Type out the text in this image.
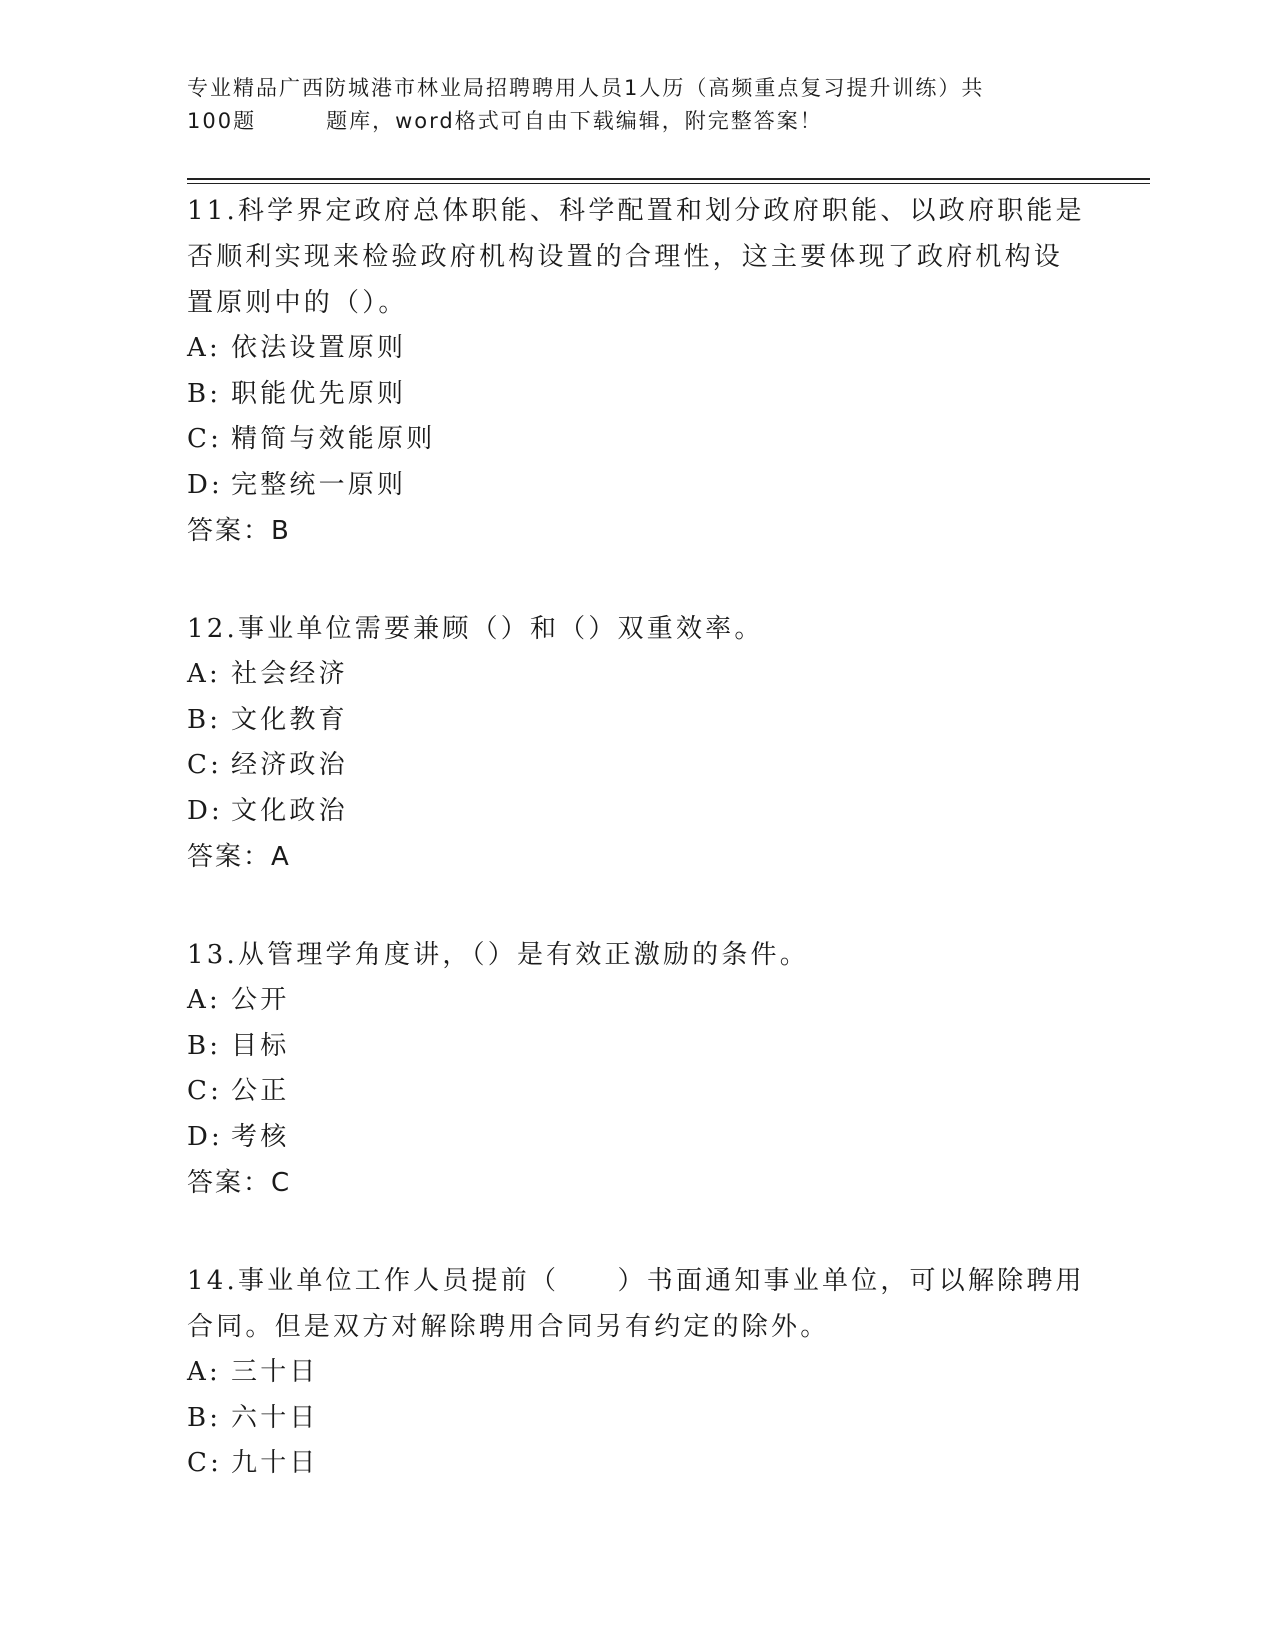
专业精品广西防城港市林业局招聘聘用人员1人历（高频重点复习提升训练）共
100题	题库，word格式可自由下载编辑，附完整答案！

11.科学界定政府总体职能、科学配置和划分政府职能、以政府职能是否顺利实现来检验政府机构设置的合理性，这主要体现了政府机构设置原则中的（）。

A: 依法设置原则

B: 职能优先原则

C: 精简与效能原则

D: 完整统一原则

答案：B

12.事业单位需要兼顾（）和（）双重效率。

A: 社会经济

B: 文化教育

C: 经济政治

D: 文化政治

答案：A

13.从管理学角度讲，（）是有效正激励的条件。

A: 公开

B: 目标

C: 公正

D: 考核

答案：C

14.事业单位工作人员提前（　　）书面通知事业单位，可以解除聘用合同。但是双方对解除聘用合同另有约定的除外。

A: 三十日

B: 六十日

C: 九十日
